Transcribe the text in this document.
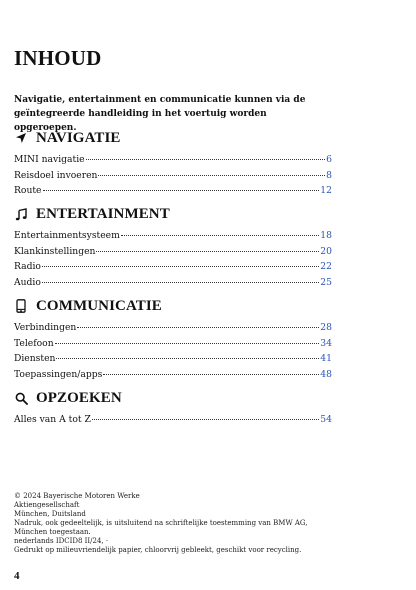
INHOUD
Navigatie, entertainment en communicatie kunnen via de geïntegreerde handleiding in het voertuig worden opgeroepen.
NAVIGATIE
MINI navigatie	6
Reisdoel invoeren	8
Route	12
ENTERTAINMENT
Entertainmentsysteem	18
Klankinstellingen	20
Radio	22
Audio	25
COMMUNICATIE
Verbindingen	28
Telefoon	34
Diensten	41
Toepassingen/apps	48
OPZOEKEN
Alles van A tot Z	54
© 2024 Bayerische Motoren Werke
Aktiengesellschaft
München, Duitsland
Nadruk, ook gedeeltelijk, is uitsluitend na schriftelijke toestemming van BMW AG, München toegestaan.
nederlands IDCID8 II/24, ·
Gedrukt op milieuvriendelijk papier, chloorvrij gebleekt, geschikt voor recycling.
4
